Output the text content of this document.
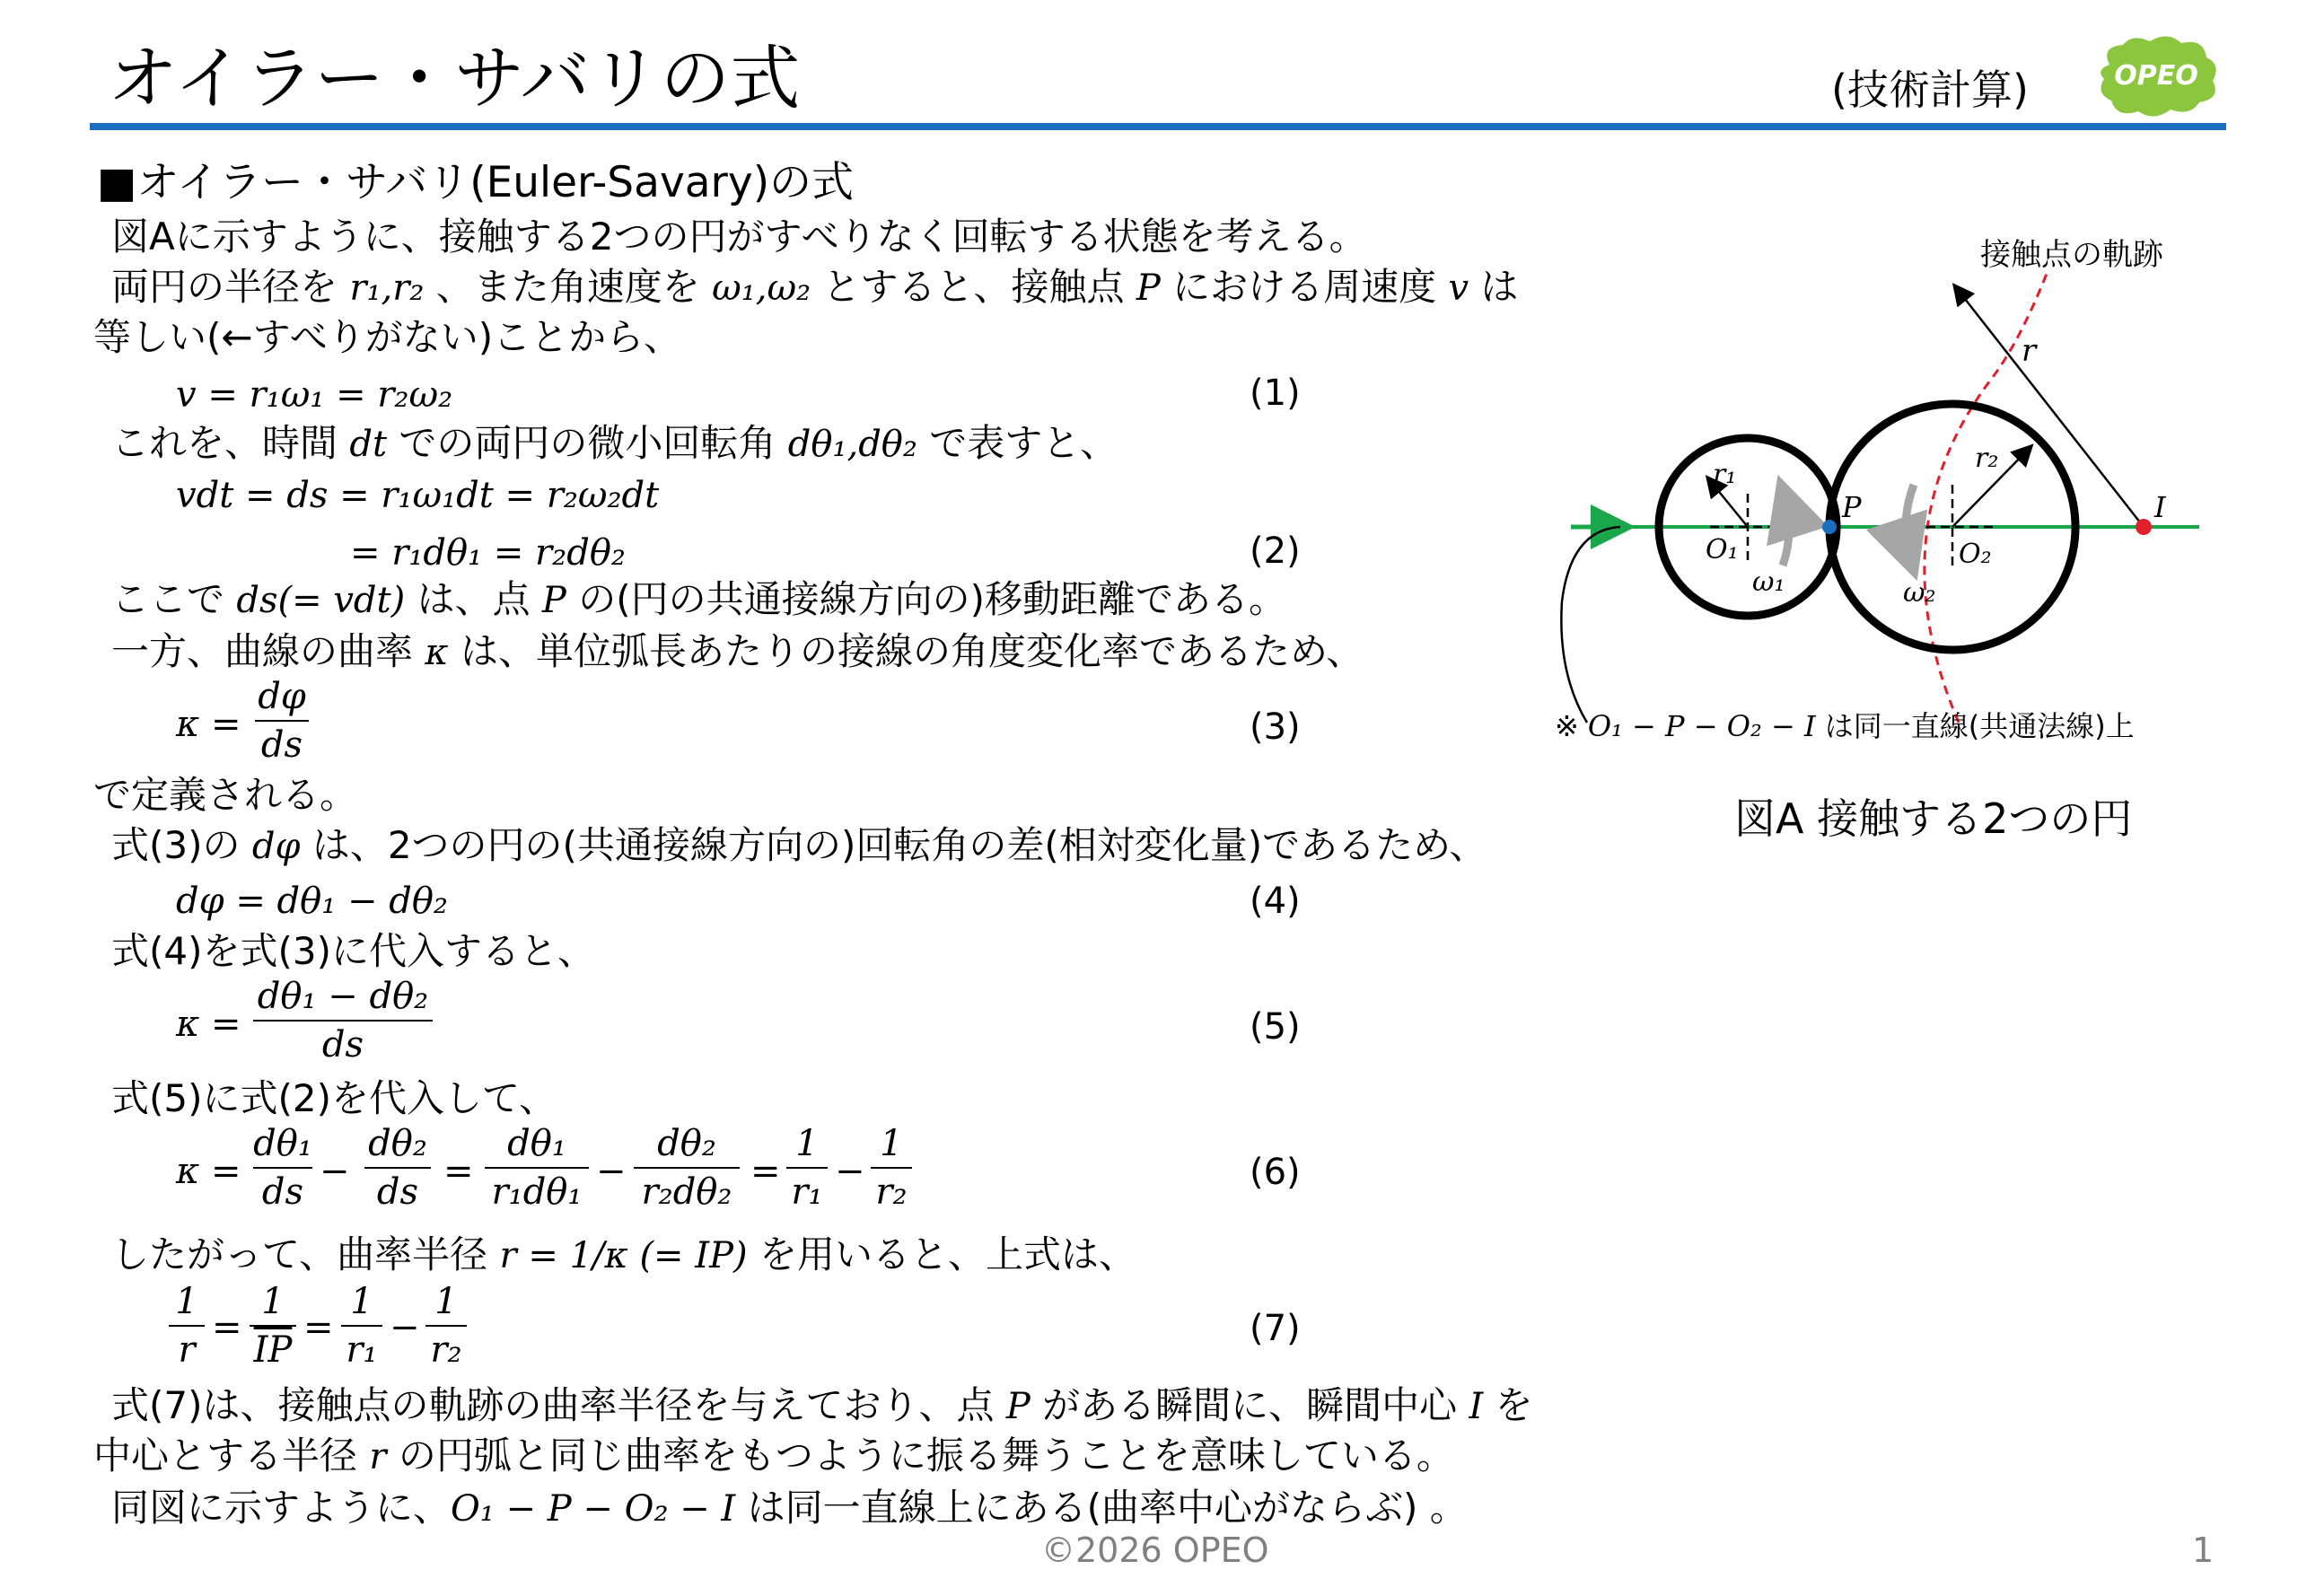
オイラー・サバリの式	(技術計算)	OPEO
■オイラー・サバリ(Euler-Savary)の式
図Aに示すように、接触する2つの円がすべりなく回転する状態を考える。
両円の半径を r₁,r₂ 、また角速度を ω₁,ω₂ とすると、接触点 P における周速度 v は
等しい(←すべりがない)ことから、
v = r₁ω₁ = r₂ω₂	(1)
これを、時間 dt での両円の微小回転角 dθ₁,dθ₂ で表すと、
vdt = ds = r₁ω₁dt = r₂ω₂dt
= r₁dθ₁ = r₂dθ₂	(2)
ここで ds(= vdt) は、点 P の(円の共通接線方向の)移動距離である。
一方、曲線の曲率 κ は、単位弧長あたりの接線の角度変化率であるため、
κ =
dφ
ds	(3)
で定義される。
式(3)の dφ は、2つの円の(共通接線方向の)回転角の差(相対変化量)であるため、
dφ = dθ₁ − dθ₂	(4)
式(4)を式(3)に代入すると、
κ =
dθ₁ − dθ₂
ds	(5)
式(5)に式(2)を代入して、
κ =
dθ₁
ds −
dθ₂
ds =
dθ₁
r₁dθ₁ −
dθ₂
r₂dθ₂ =
1
r₁ −
1
r₂	(6)
したがって、曲率半径 r = 1/κ (= IP) を用いると、上式は、
1
r
= $\frac{1}{IP}$ =
1
r₁
−
1
r₂
(7)
式(7)は、接触点の軌跡の曲率半径を与えており、点 P がある瞬間に、瞬間中心 I を
中心とする半径 r の円弧と同じ曲率をもつように振る舞うことを意味している。
同図に示すように、O₁ − P − O₂ − I は同一直線上にある(曲率中心がならぶ) 。
接触点の軌跡
r
r₁
r₂
P	I
O₁	O₂
ω₁	ω₂
※ O₁ − P − O₂ − I は同一直線(共通法線)上
図A 接触する2つの円
©2026 OPEO	1
